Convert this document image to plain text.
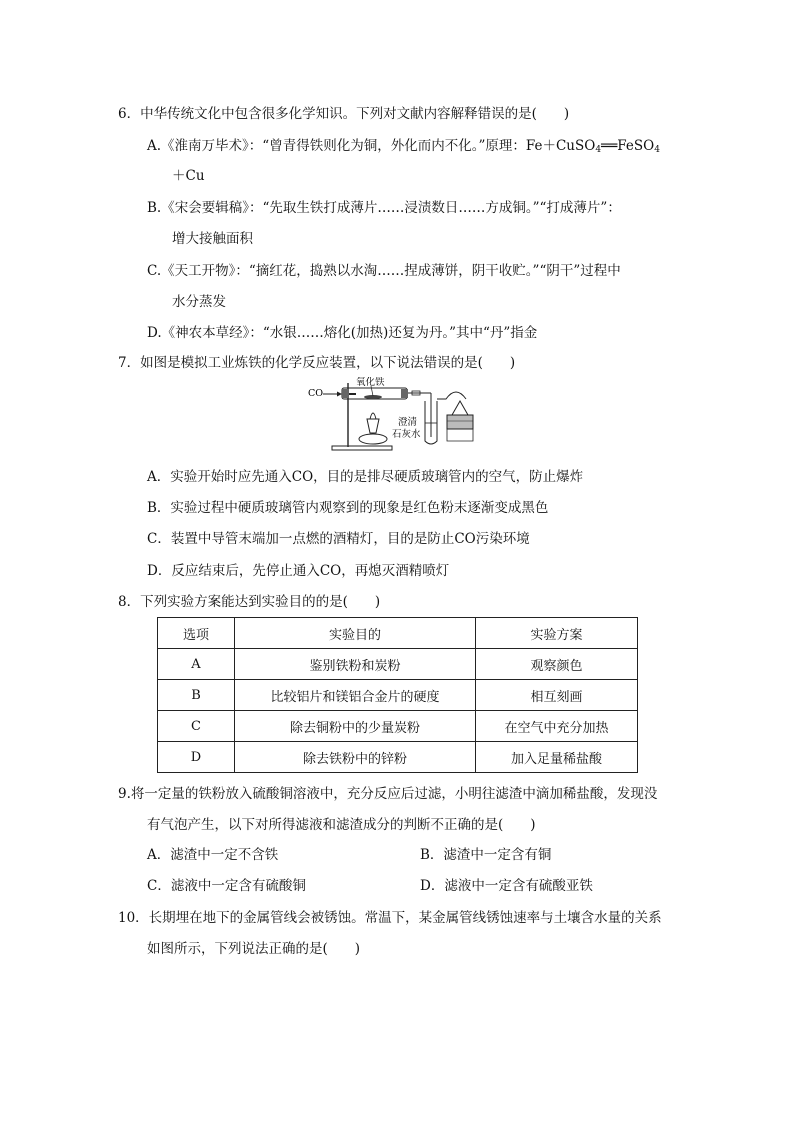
6．中华传统文化中包含很多化学知识。下列对文献内容解释错误的是(　　)
A.《淮南万毕术》：“曾青得铁则化为铜，外化而内不化。”原理：Fe＋CuSO$_4$══FeSO$_4$
＋Cu
B.《宋会要辑稿》：“先取生铁打成薄片……浸渍数日……方成铜。”“打成薄片”：
增大接触面积
C.《天工开物》：“摘红花，捣熟以水淘……捏成薄饼，阴干收贮。”“阴干”过程中
水分蒸发
D.《神农本草经》：“水银……熔化(加热)还复为丹。”其中“丹”指金
7．如图是模拟工业炼铁的化学反应装置，以下说法错误的是(　　)
CO
氧化铁
澄清
石灰水
A．实验开始时应先通入CO，目的是排尽硬质玻璃管内的空气，防止爆炸
B．实验过程中硬质玻璃管内观察到的现象是红色粉末逐渐变成黑色
C．装置中导管末端加一点燃的酒精灯，目的是防止CO污染环境
D．反应结束后，先停止通入CO，再熄灭酒精喷灯
8．下列实验方案能达到实验目的的是(　　)
选项	实验目的	实验方案
A	鉴别铁粉和炭粉	观察颜色
B	比较铝片和镁铝合金片的硬度	相互刻画
C	除去铜粉中的少量炭粉	在空气中充分加热
D	除去铁粉中的锌粉	加入足量稀盐酸
9.将一定量的铁粉放入硫酸铜溶液中，充分反应后过滤，小明往滤渣中滴加稀盐酸，发现没
有气泡产生，以下对所得滤液和滤渣成分的判断不正确的是(　　)
A．滤渣中一定不含铁	B．滤渣中一定含有铜
C．滤液中一定含有硫酸铜	D．滤液中一定含有硫酸亚铁
10．长期埋在地下的金属管线会被锈蚀。常温下，某金属管线锈蚀速率与土壤含水量的关系
如图所示，下列说法正确的是(　　)
